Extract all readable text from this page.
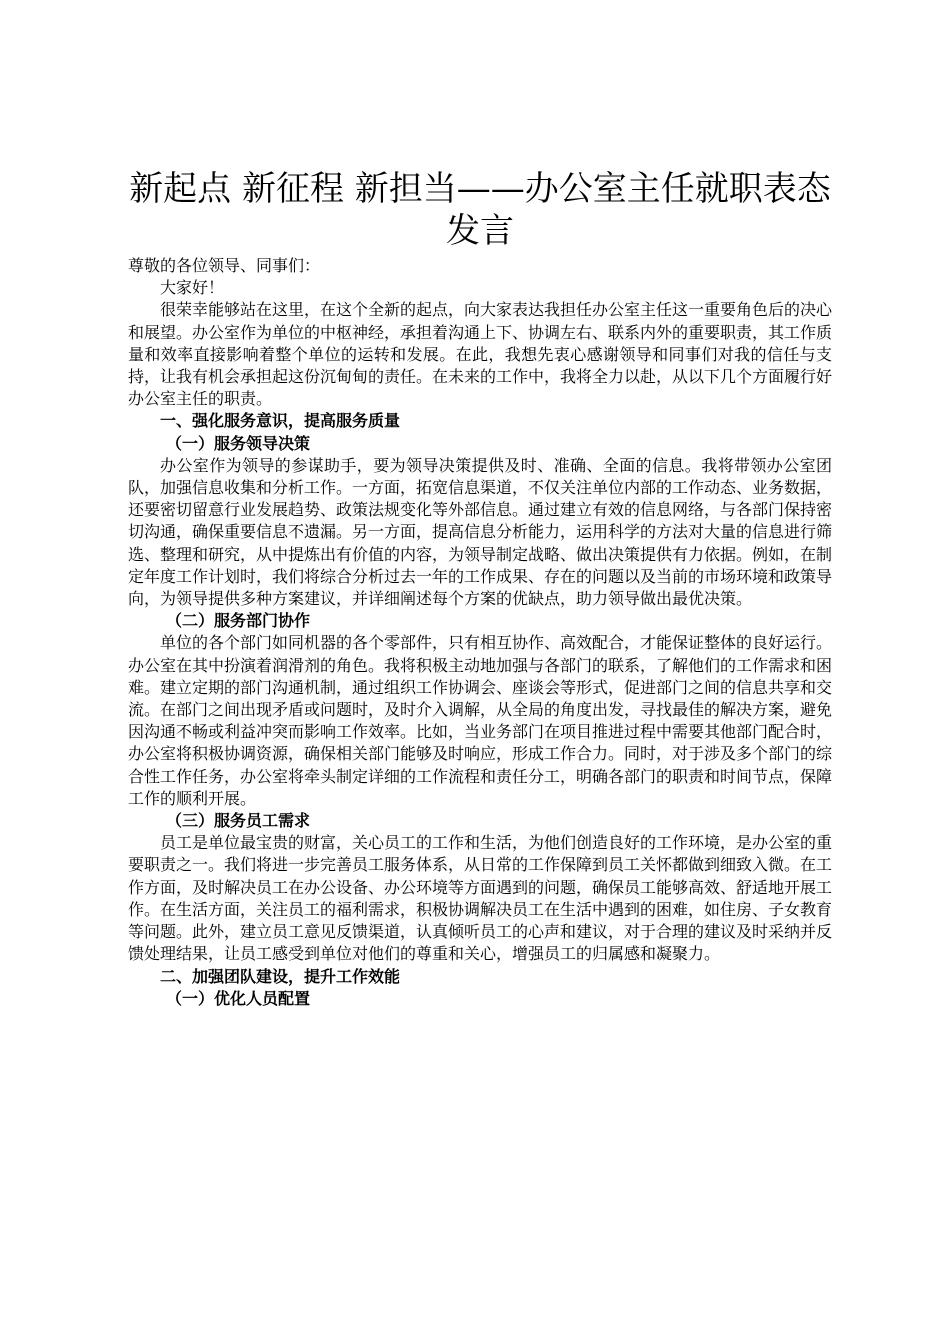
新起点 新征程 新担当——办公室主任就职表态发言

尊敬的各位领导、同事们：

大家好！

很荣幸能够站在这里，在这个全新的起点，向大家表达我担任办公室主任这一重要角色后的决心和展望。办公室作为单位的中枢神经，承担着沟通上下、协调左右、联系内外的重要职责，其工作质量和效率直接影响着整个单位的运转和发展。在此，我想先衷心感谢领导和同事们对我的信任与支持，让我有机会承担起这份沉甸甸的责任。在未来的工作中，我将全力以赴，从以下几个方面履行好办公室主任的职责。

一、强化服务意识，提高服务质量

（一）服务领导决策

办公室作为领导的参谋助手，要为领导决策提供及时、准确、全面的信息。我将带领办公室团队，加强信息收集和分析工作。一方面，拓宽信息渠道，不仅关注单位内部的工作动态、业务数据，还要密切留意行业发展趋势、政策法规变化等外部信息。通过建立有效的信息网络，与各部门保持密切沟通，确保重要信息不遗漏。另一方面，提高信息分析能力，运用科学的方法对大量的信息进行筛选、整理和研究，从中提炼出有价值的内容，为领导制定战略、做出决策提供有力依据。例如，在制定年度工作计划时，我们将综合分析过去一年的工作成果、存在的问题以及当前的市场环境和政策导向，为领导提供多种方案建议，并详细阐述每个方案的优缺点，助力领导做出最优决策。

（二）服务部门协作

单位的各个部门如同机器的各个零部件，只有相互协作、高效配合，才能保证整体的良好运行。办公室在其中扮演着润滑剂的角色。我将积极主动地加强与各部门的联系，了解他们的工作需求和困难。建立定期的部门沟通机制，通过组织工作协调会、座谈会等形式，促进部门之间的信息共享和交流。在部门之间出现矛盾或问题时，及时介入调解，从全局的角度出发，寻找最佳的解决方案，避免因沟通不畅或利益冲突而影响工作效率。比如，当业务部门在项目推进过程中需要其他部门配合时，办公室将积极协调资源，确保相关部门能够及时响应，形成工作合力。同时，对于涉及多个部门的综合性工作任务，办公室将牵头制定详细的工作流程和责任分工，明确各部门的职责和时间节点，保障工作的顺利开展。

（三）服务员工需求

员工是单位最宝贵的财富，关心员工的工作和生活，为他们创造良好的工作环境，是办公室的重要职责之一。我们将进一步完善员工服务体系，从日常的工作保障到员工关怀都做到细致入微。在工作方面，及时解决员工在办公设备、办公环境等方面遇到的问题，确保员工能够高效、舒适地开展工作。在生活方面，关注员工的福利需求，积极协调解决员工在生活中遇到的困难，如住房、子女教育等问题。此外，建立员工意见反馈渠道，认真倾听员工的心声和建议，对于合理的建议及时采纳并反馈处理结果，让员工感受到单位对他们的尊重和关心，增强员工的归属感和凝聚力。

二、加强团队建设，提升工作效能

（一）优化人员配置
